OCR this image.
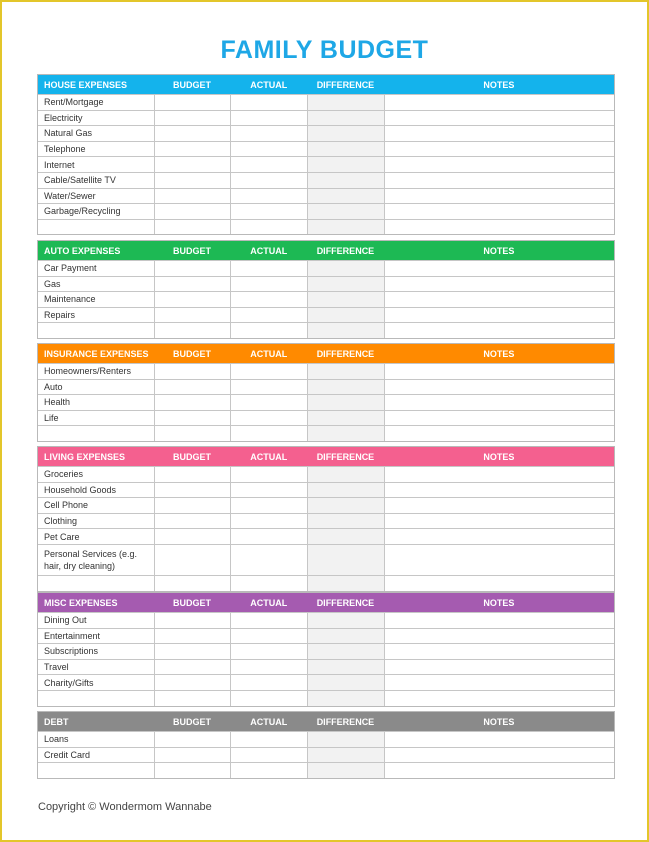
FAMILY BUDGET
HOUSE EXPENSES	BUDGET	ACTUAL	DIFFERENCE	NOTES
Rent/Mortgage
Electricity
Natural Gas
Telephone
Internet
Cable/Satellite TV
Water/Sewer
Garbage/Recycling
AUTO EXPENSES	BUDGET	ACTUAL	DIFFERENCE	NOTES
Car Payment
Gas
Maintenance
Repairs
INSURANCE EXPENSES	BUDGET	ACTUAL	DIFFERENCE	NOTES
Homeowners/Renters
Auto
Health
Life
LIVING EXPENSES	BUDGET	ACTUAL	DIFFERENCE	NOTES
Groceries
Household Goods
Cell Phone
Clothing
Pet Care
Personal Services (e.g. hair, dry cleaning)
MISC EXPENSES	BUDGET	ACTUAL	DIFFERENCE	NOTES
Dining Out
Entertainment
Subscriptions
Travel
Charity/Gifts
DEBT	BUDGET	ACTUAL	DIFFERENCE	NOTES
Loans
Credit Card
Copyright © Wondermom Wannabe
